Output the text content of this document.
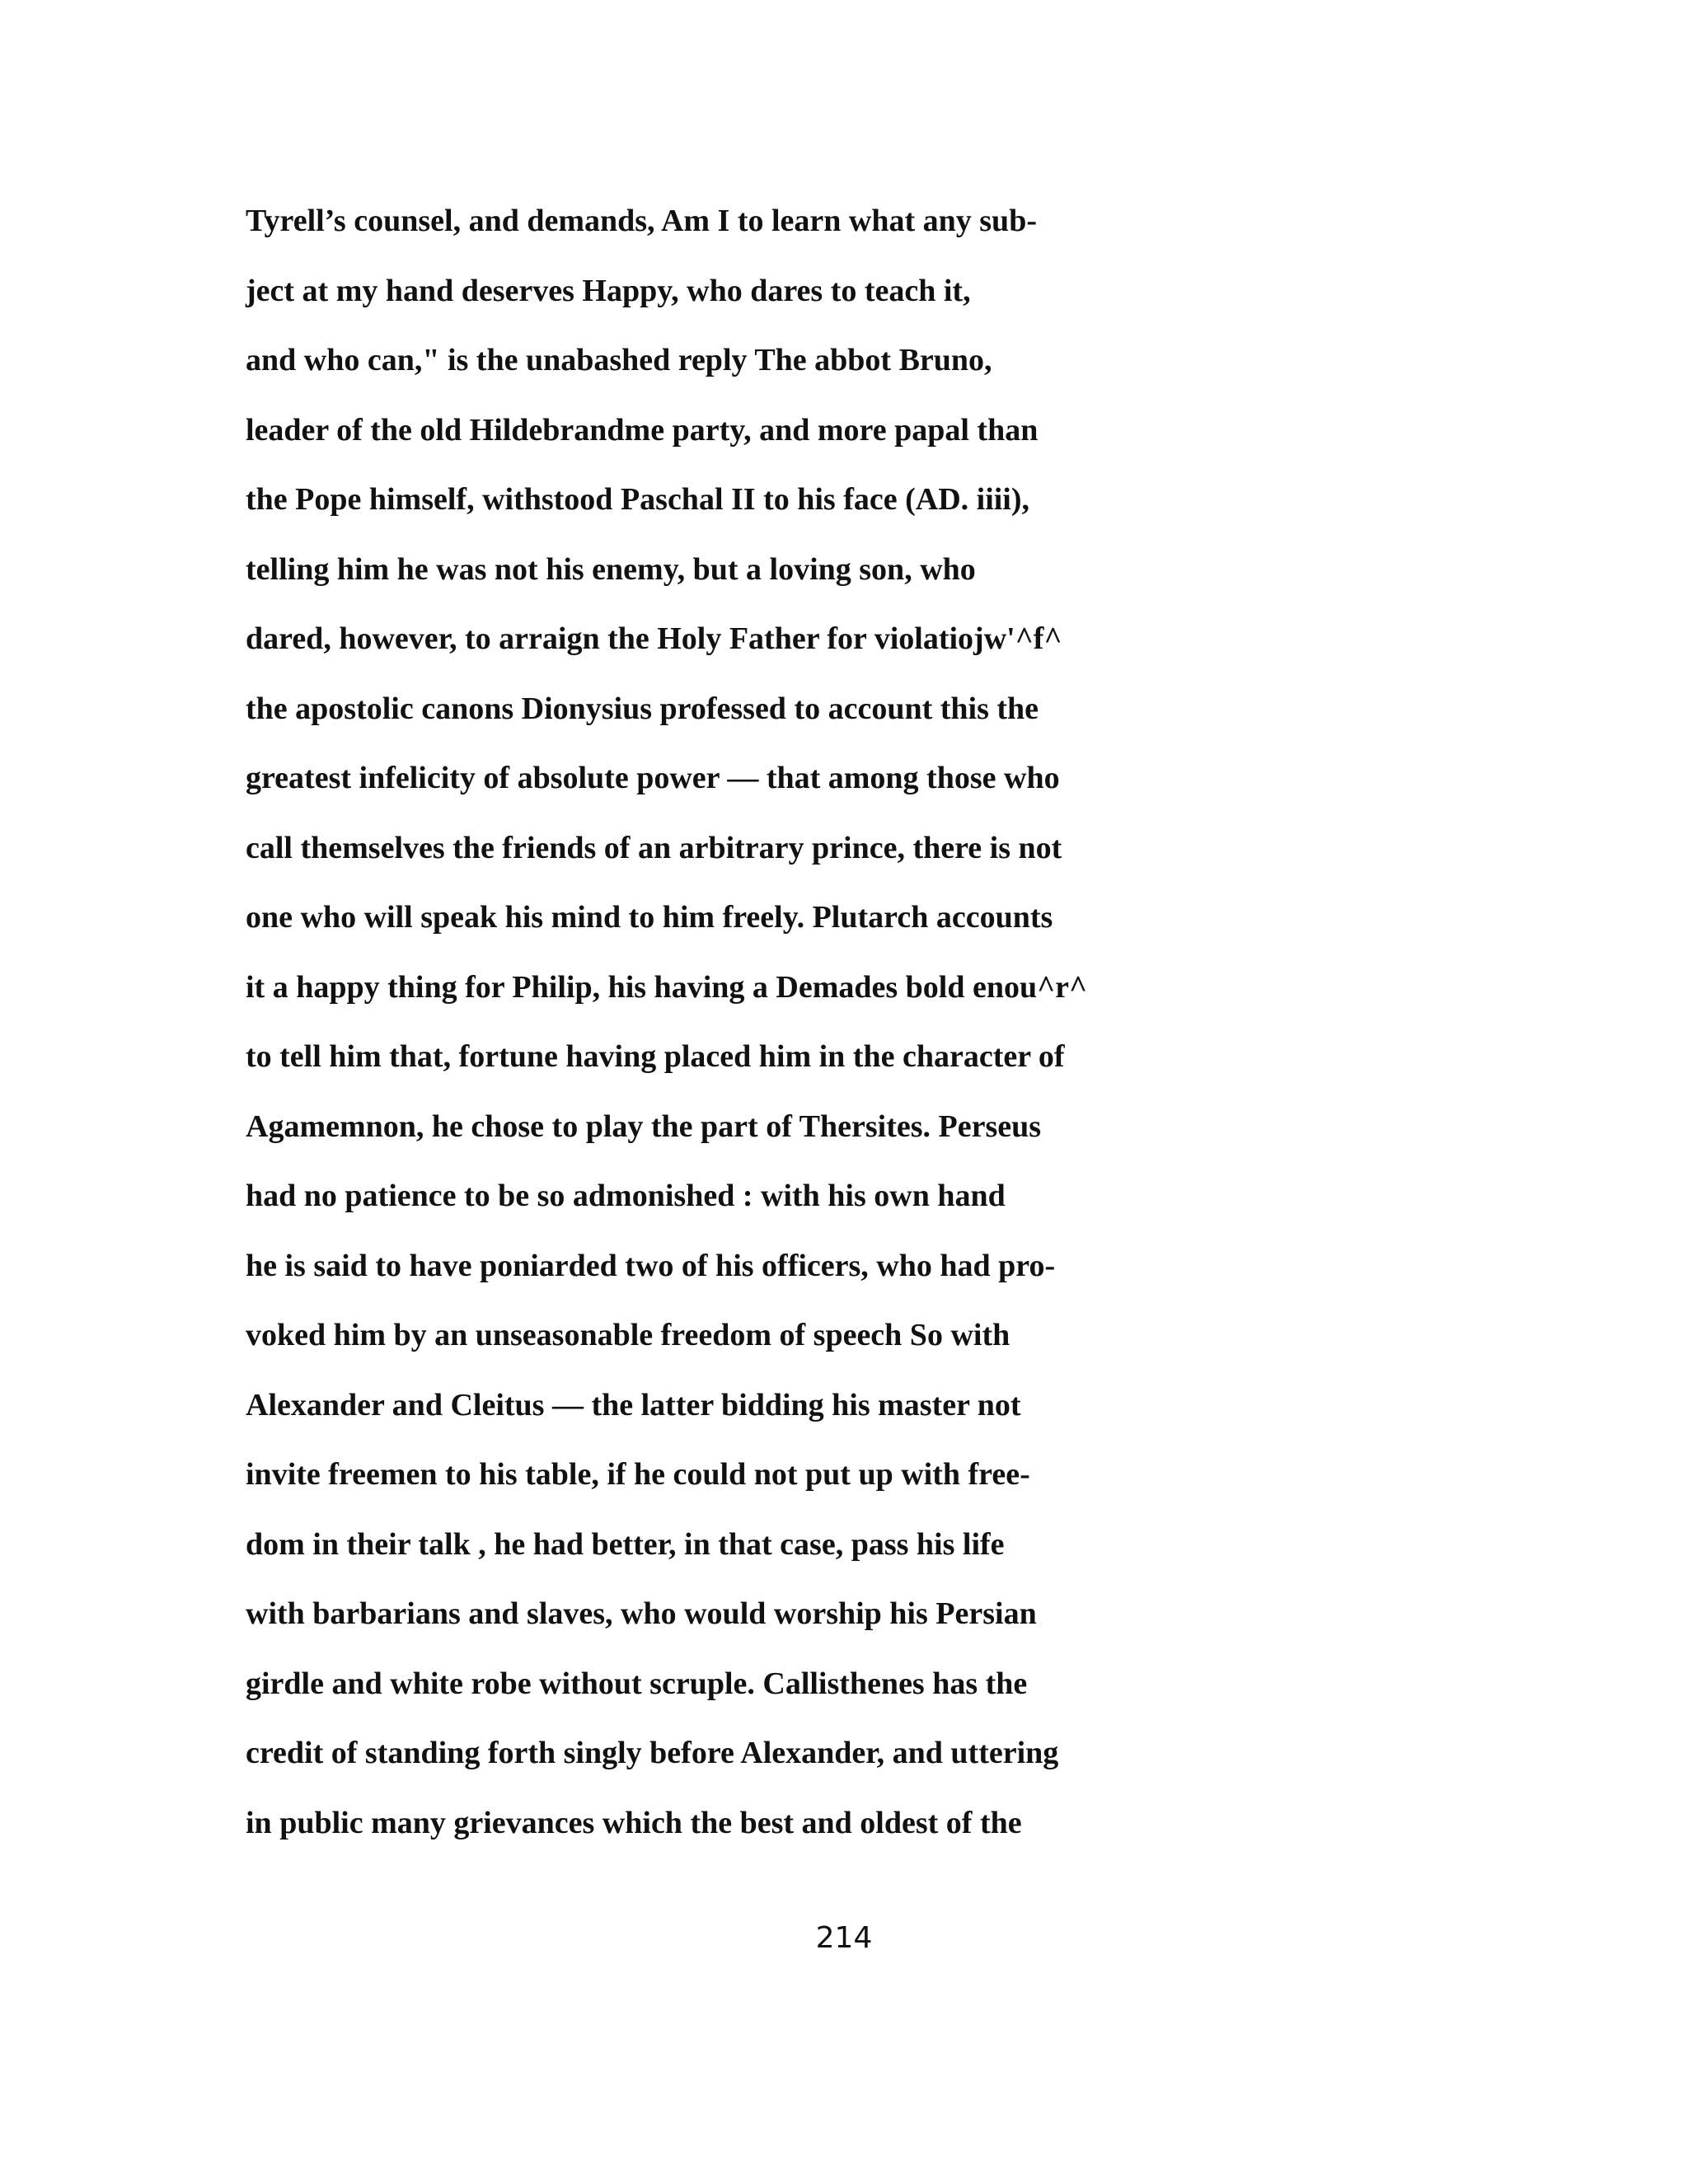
Tyrell’s counsel, and demands, Am I to learn what any sub-
ject at my hand deserves Happy, who dares to teach it,
and who can," is the unabashed reply The abbot Bruno,
leader of the old Hildebrandme party, and more papal than
the Pope himself, withstood Paschal II to his face (AD. iiii),
telling him he was not his enemy, but a loving son, who
dared, however, to arraign the Holy Father for violatiojw'^f^
the apostolic canons Dionysius professed to account this the
greatest infelicity of absolute power — that among those who
call themselves the friends of an arbitrary prince, there is not
one who will speak his mind to him freely. Plutarch accounts
it a happy thing for Philip, his having a Demades bold enou^r^
to tell him that, fortune having placed him in the character of
Agamemnon, he chose to play the part of Thersites. Perseus
had no patience to be so admonished : with his own hand
he is said to have poniarded two of his officers, who had pro-
voked him by an unseasonable freedom of speech So with
Alexander and Cleitus — the latter bidding his master not
invite freemen to his table, if he could not put up with free-
dom in their talk , he had better, in that case, pass his life
with barbarians and slaves, who would worship his Persian
girdle and white robe without scruple. Callisthenes has the
credit of standing forth singly before Alexander, and uttering
in public many grievances which the best and oldest of the
214
